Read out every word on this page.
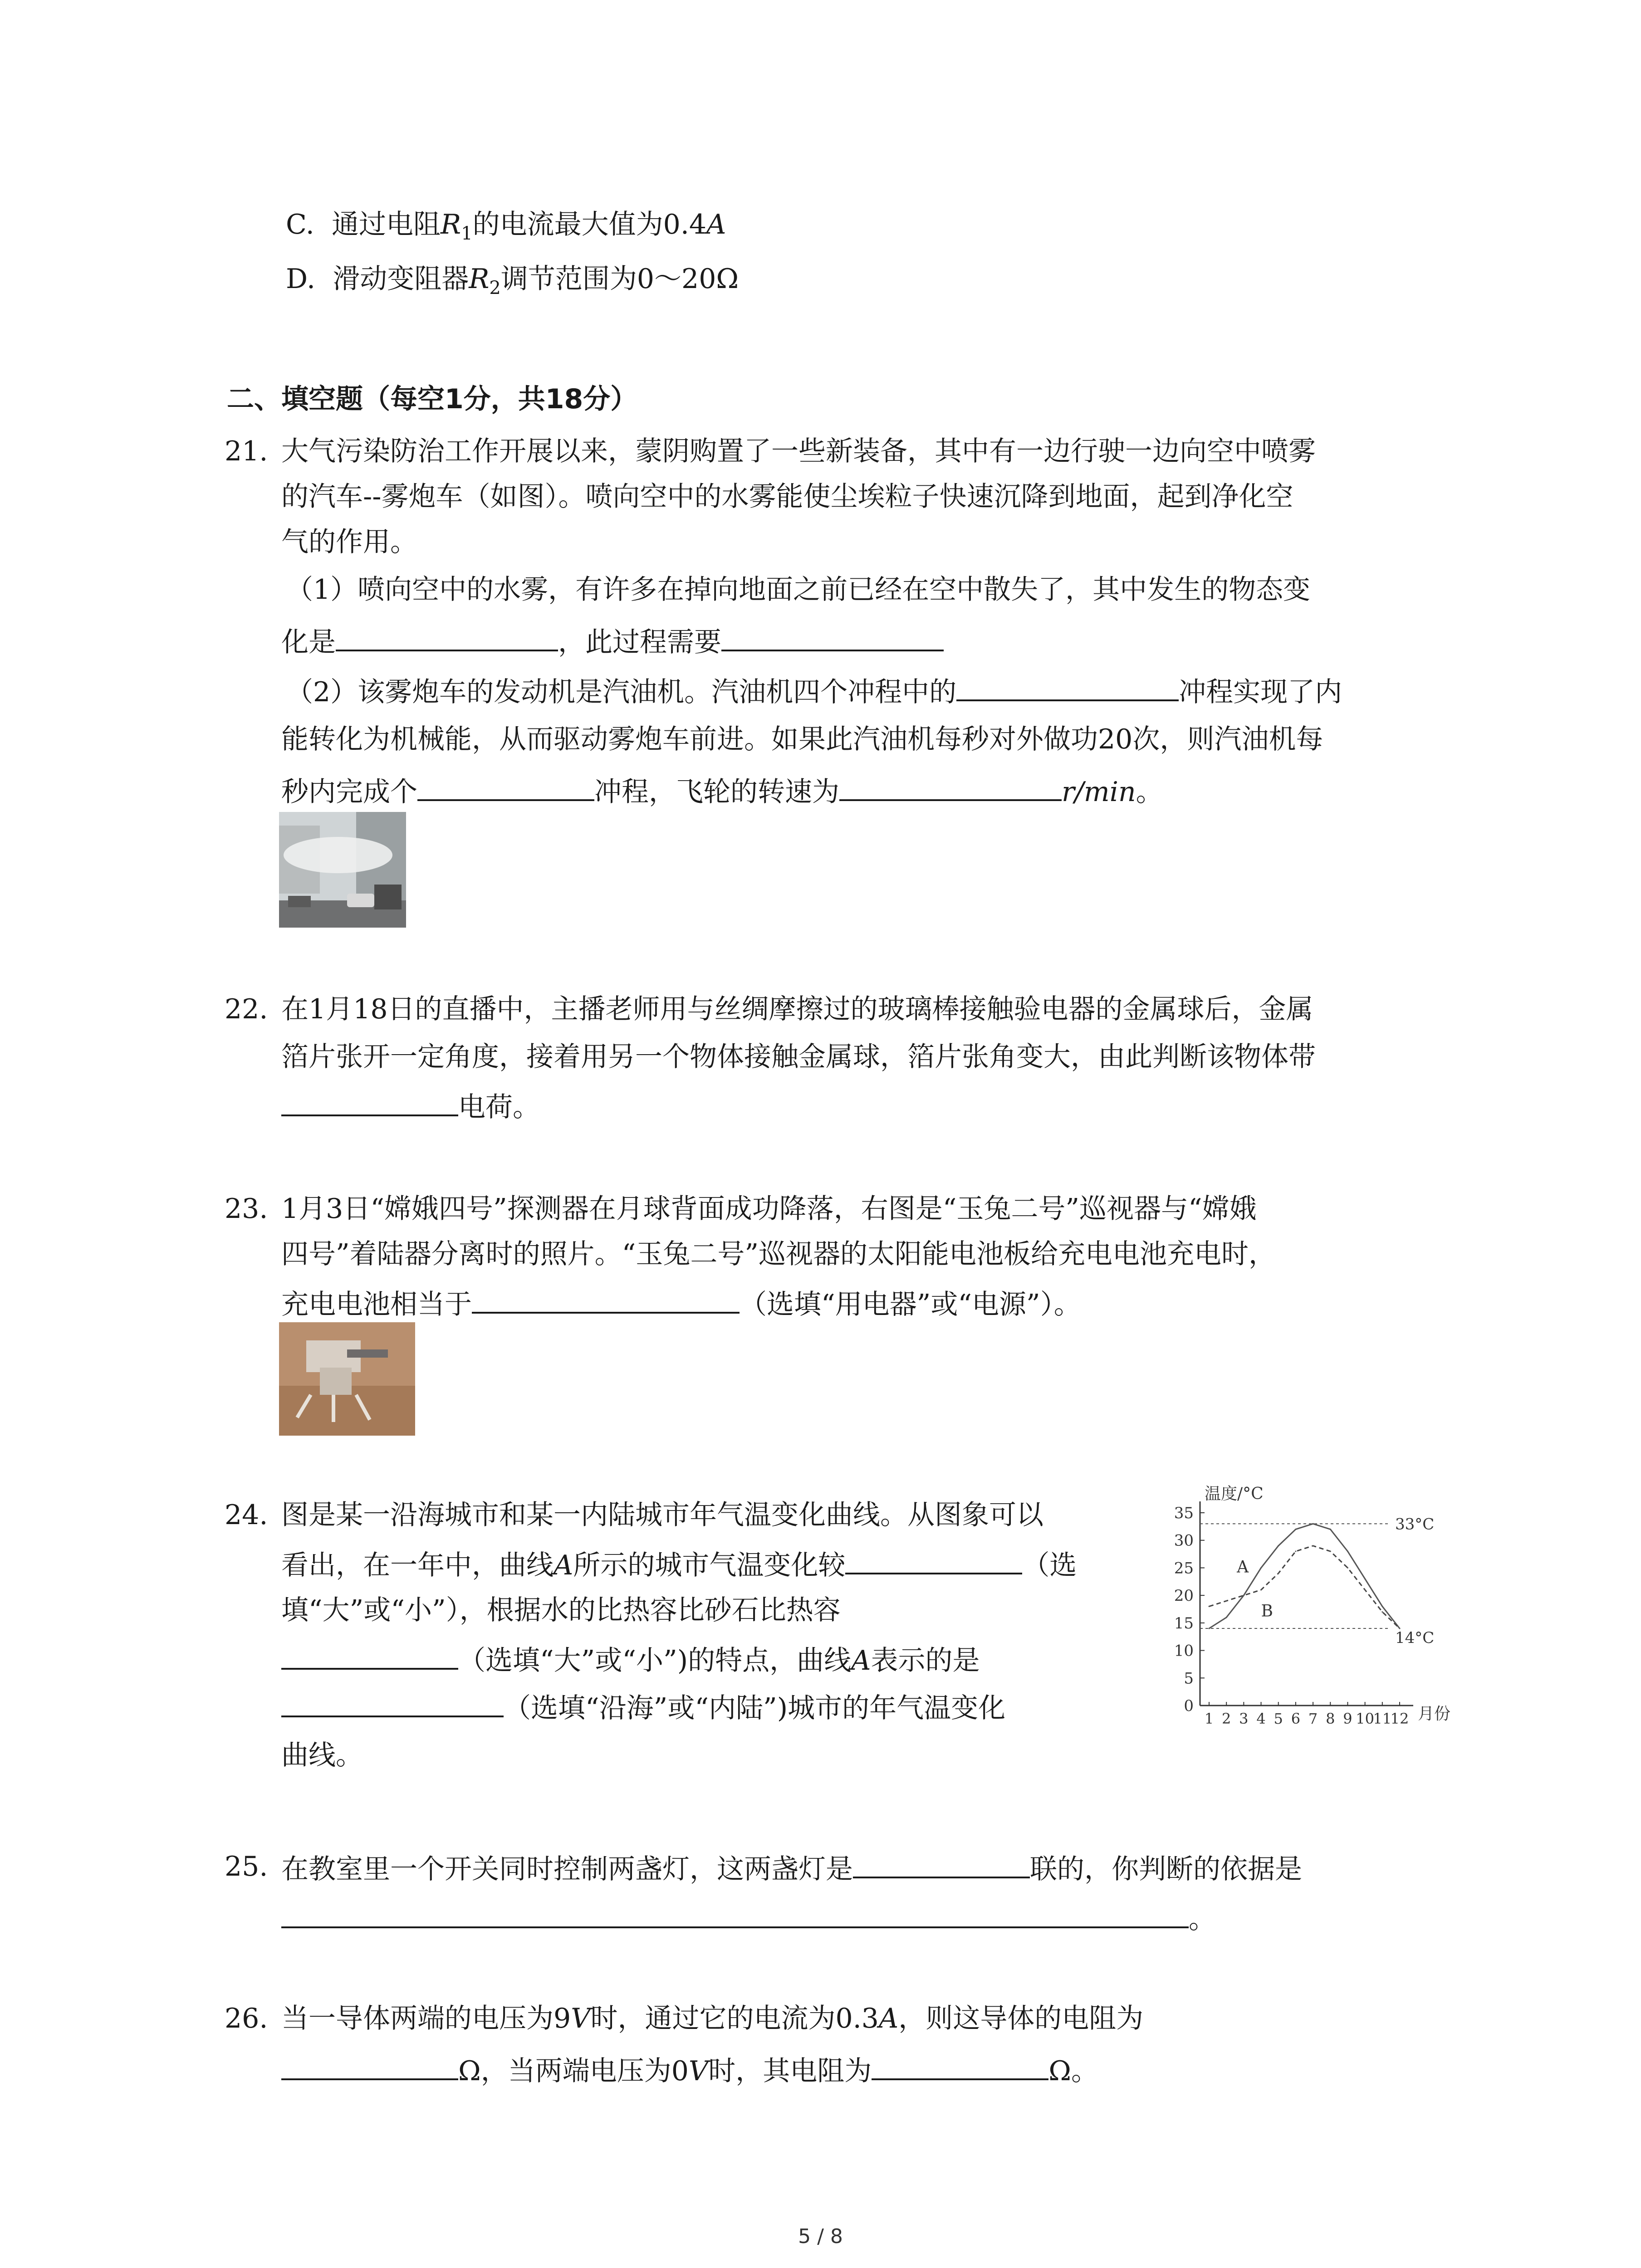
C. 通过电阻$R_1$的电流最大值为0.4A
D. 滑动变阻器$R_2$调节范围为0～20Ω
二、填空题（每空1分，共18分）
21. 大气污染防治工作开展以来，蒙阴购置了一些新装备，其中有一边行驶一边向空中喷雾
的汽车--雾炮车（如图）。喷向空中的水雾能使尘埃粒子快速沉降到地面，起到净化空
气的作用。
（1）喷向空中的水雾，有许多在掉向地面之前已经在空中散失了，其中发生的物态变
化是	，此过程需要
（2）该雾炮车的发动机是汽油机。汽油机四个冲程中的	冲程实现了内
能转化为机械能，从而驱动雾炮车前进。如果此汽油机每秒对外做功20次，则汽油机每
秒内完成个	冲程，飞轮的转速为	r/min。
22. 在1月18日的直播中，主播老师用与丝绸摩擦过的玻璃棒接触验电器的金属球后，金属
箔片张开一定角度，接着用另一个物体接触金属球，箔片张角变大，由此判断该物体带
电荷。
23. 1月3日“嫦娥四号”探测器在月球背面成功降落，右图是“玉兔二号”巡视器与“嫦娥
四号”着陆器分离时的照片。“玉兔二号”巡视器的太阳能电池板给充电电池充电时，
充电电池相当于	（选填“用电器”或“电源”）。
24. 图是某一沿海城市和某一内陆城市年气温变化曲线。从图象可以
看出，在一年中，曲线A所示的城市气温变化较	（选
填“大”或“小”），根据水的比热容比砂石比热容
（选填“大”或“小”)的特点，曲线A表示的是
（选填“沿海”或“内陆”)城市的年气温变化
曲线。
0
5
10
15
20
25
30
35
1 2 3 4 5 6 7 8 9 10
11
12
温度/°C
月份
33°C
14°C
A
B
25. 在教室里一个开关同时控制两盏灯，这两盏灯是	联的，你判断的依据是
。
26. 当一导体两端的电压为9V时，通过它的电流为0.3A，则这导体的电阻为
Ω，当两端电压为0V时，其电阻为	Ω。
5 / 8
